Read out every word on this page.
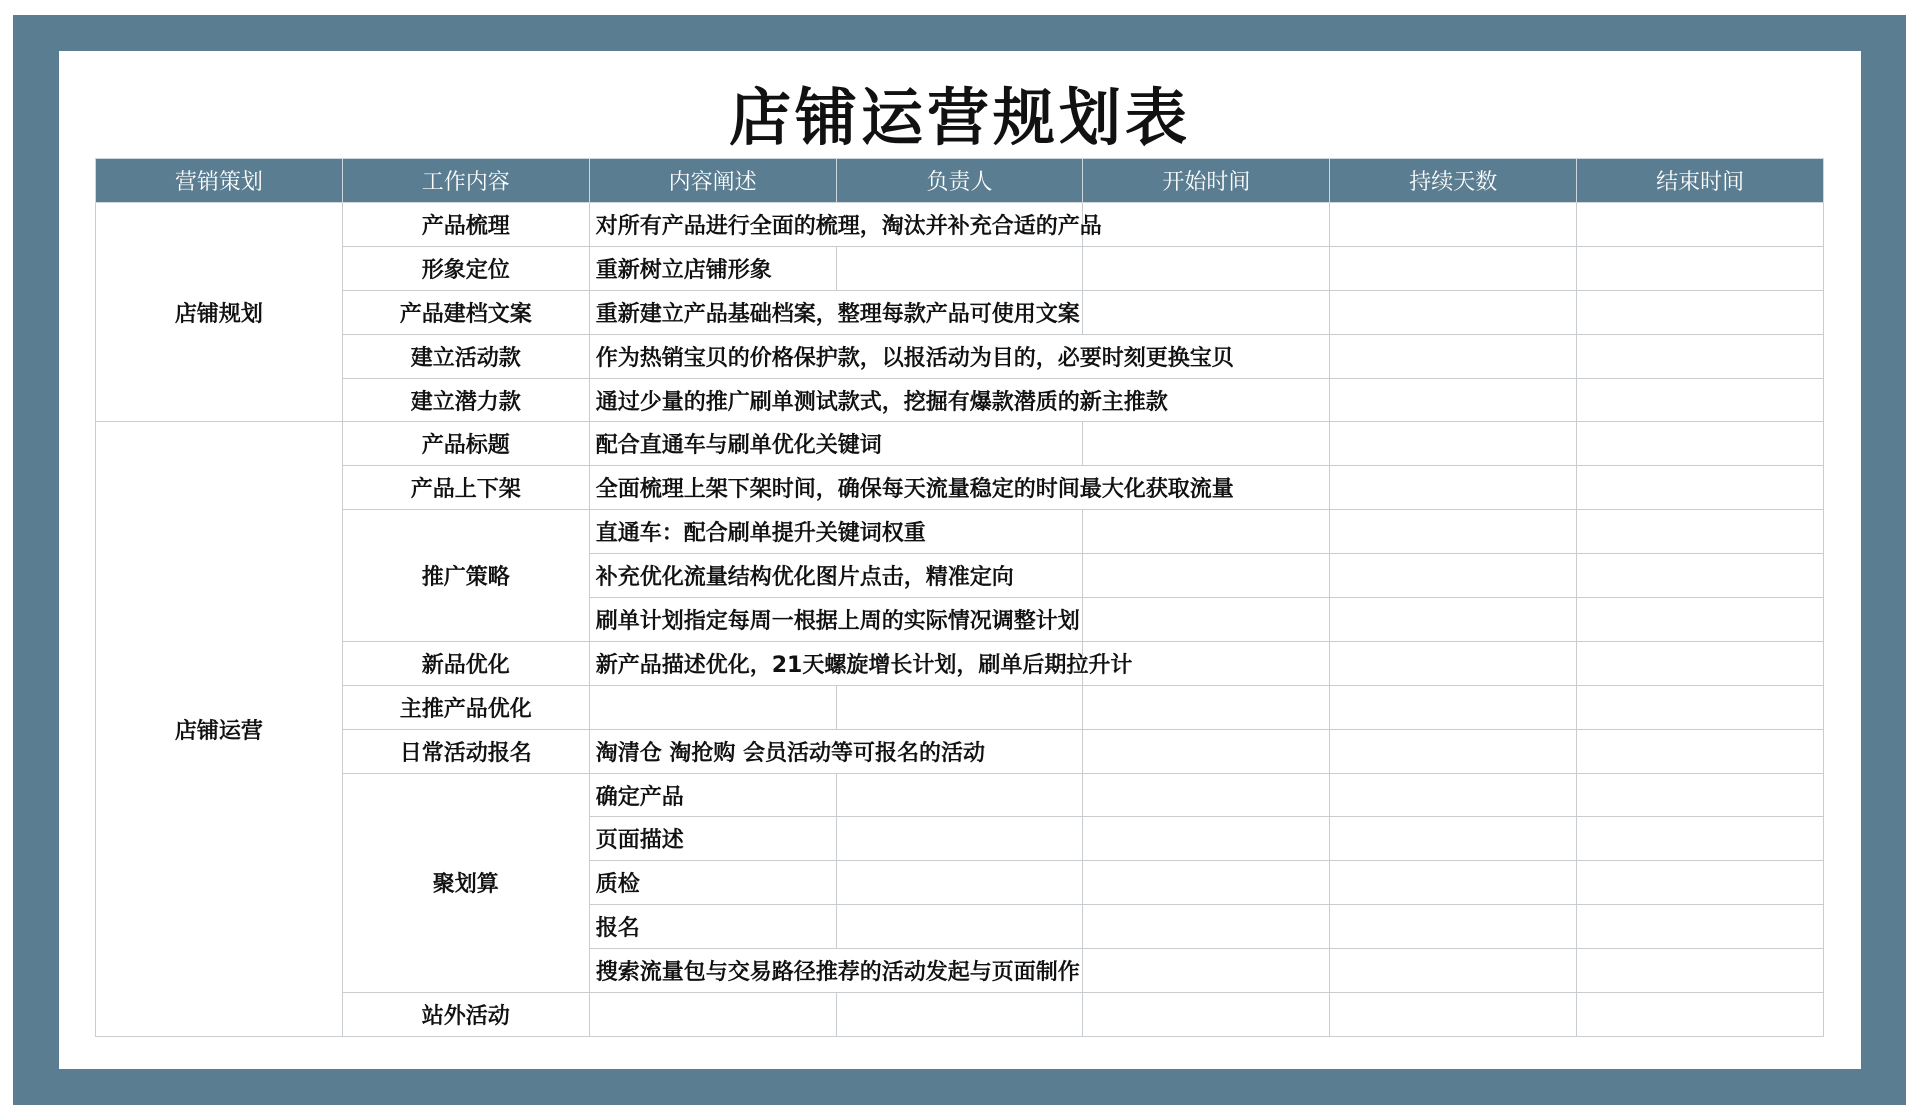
店铺运营规划表
营销策划	工作内容	内容阐述	负责人	开始时间	持续天数	结束时间
店铺规划	产品梳理	对所有产品进行全面的梳理，淘汰并补充合适的产品				
	形象定位	重新树立店铺形象				
	产品建档文案	重新建立产品基础档案，整理每款产品可使用文案				
	建立活动款	作为热销宝贝的价格保护款，以报活动为目的，必要时刻更换宝贝				
	建立潜力款	通过少量的推广刷单测试款式，挖掘有爆款潜质的新主推款				
店铺运营	产品标题	配合直通车与刷单优化关键词				
	产品上下架	全面梳理上架下架时间，确保每天流量稳定的时间最大化获取流量				
	推广策略	直通车：配合刷单提升关键词权重				
		补充优化流量结构优化图片点击，精准定向				
		刷单计划指定每周一根据上周的实际情况调整计划				
	新品优化	新产品描述优化，21天螺旋增长计划，刷单后期拉升计				
	主推产品优化					
	日常活动报名	淘清仓 淘抢购 会员活动等可报名的活动				
	聚划算	确定产品				
		页面描述				
		质检				
		报名				
		搜索流量包与交易路径推荐的活动发起与页面制作				
	站外活动					
